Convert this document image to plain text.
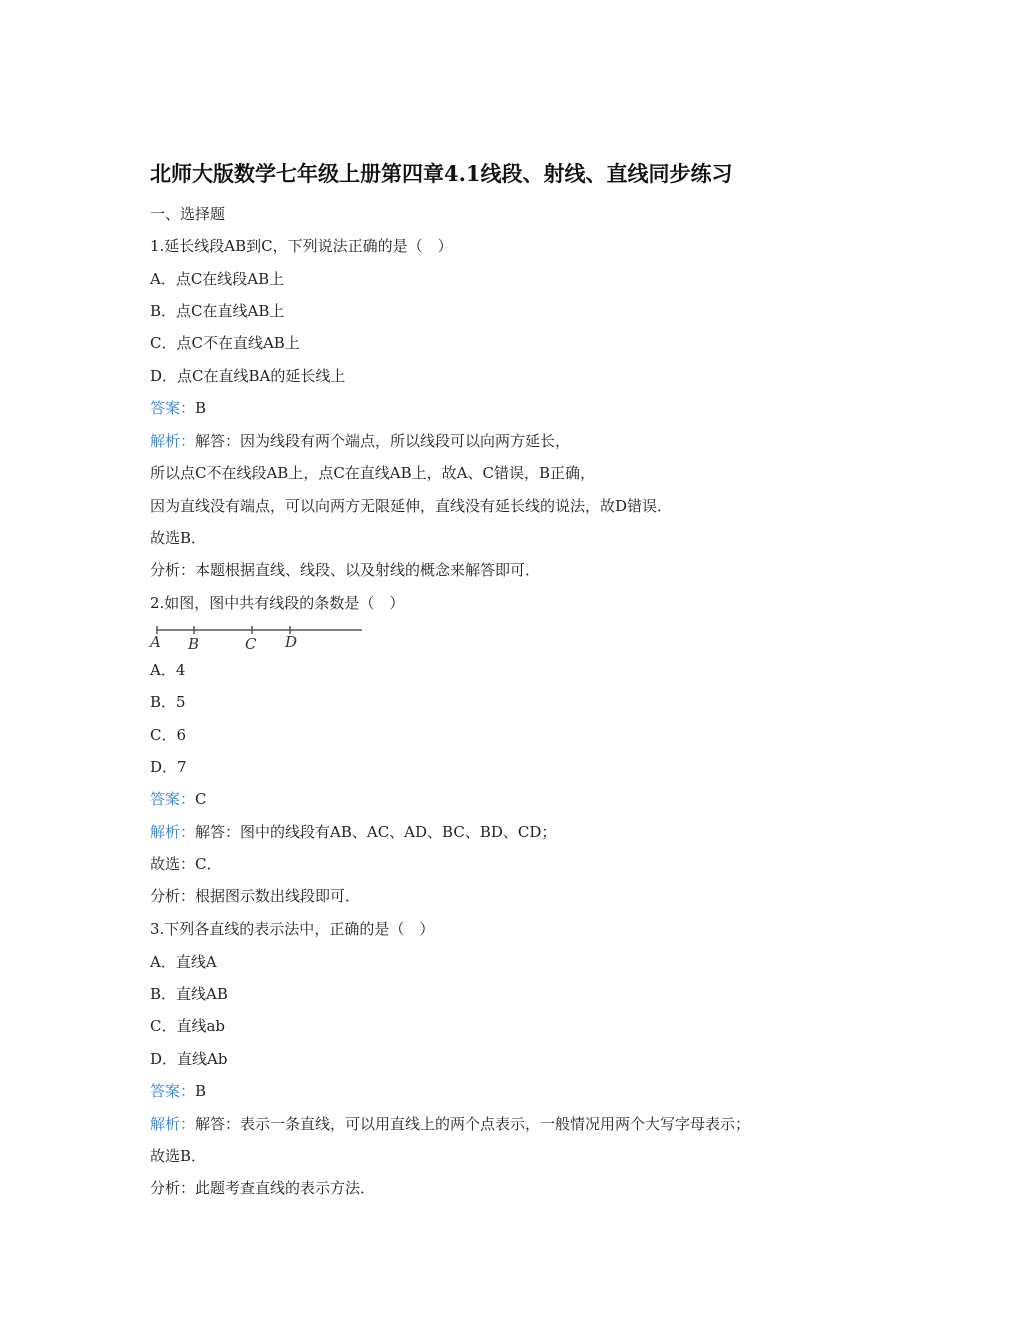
北师大版数学七年级上册第四章4.1线段、射线、直线同步练习
一、选择题
1.延长线段AB到C，下列说法正确的是（　）
A．点C在线段AB上
B．点C在直线AB上
C．点C不在直线AB上
D．点C在直线BA的延长线上
答案：B
解析：解答：因为线段有两个端点，所以线段可以向两方延长，
所以点C不在线段AB上，点C在直线AB上，故A、C错误，B正确，
因为直线没有端点，可以向两方无限延伸，直线没有延长线的说法，故D错误．
故选B．
分析：本题根据直线、线段、以及射线的概念来解答即可．
2.如图，图中共有线段的条数是（　）
A B	C D
A．4
B．5
C．6
D．7
答案：C
解析：解答：图中的线段有AB、AC、AD、BC、BD、CD；
故选：C．
分析：根据图示数出线段即可．
3.下列各直线的表示法中，正确的是（　）
A．直线A
B．直线AB
C．直线ab
D．直线Ab
答案：B
解析：解答：表示一条直线，可以用直线上的两个点表示，一般情况用两个大写字母表示；
故选B．
分析：此题考查直线的表示方法．
